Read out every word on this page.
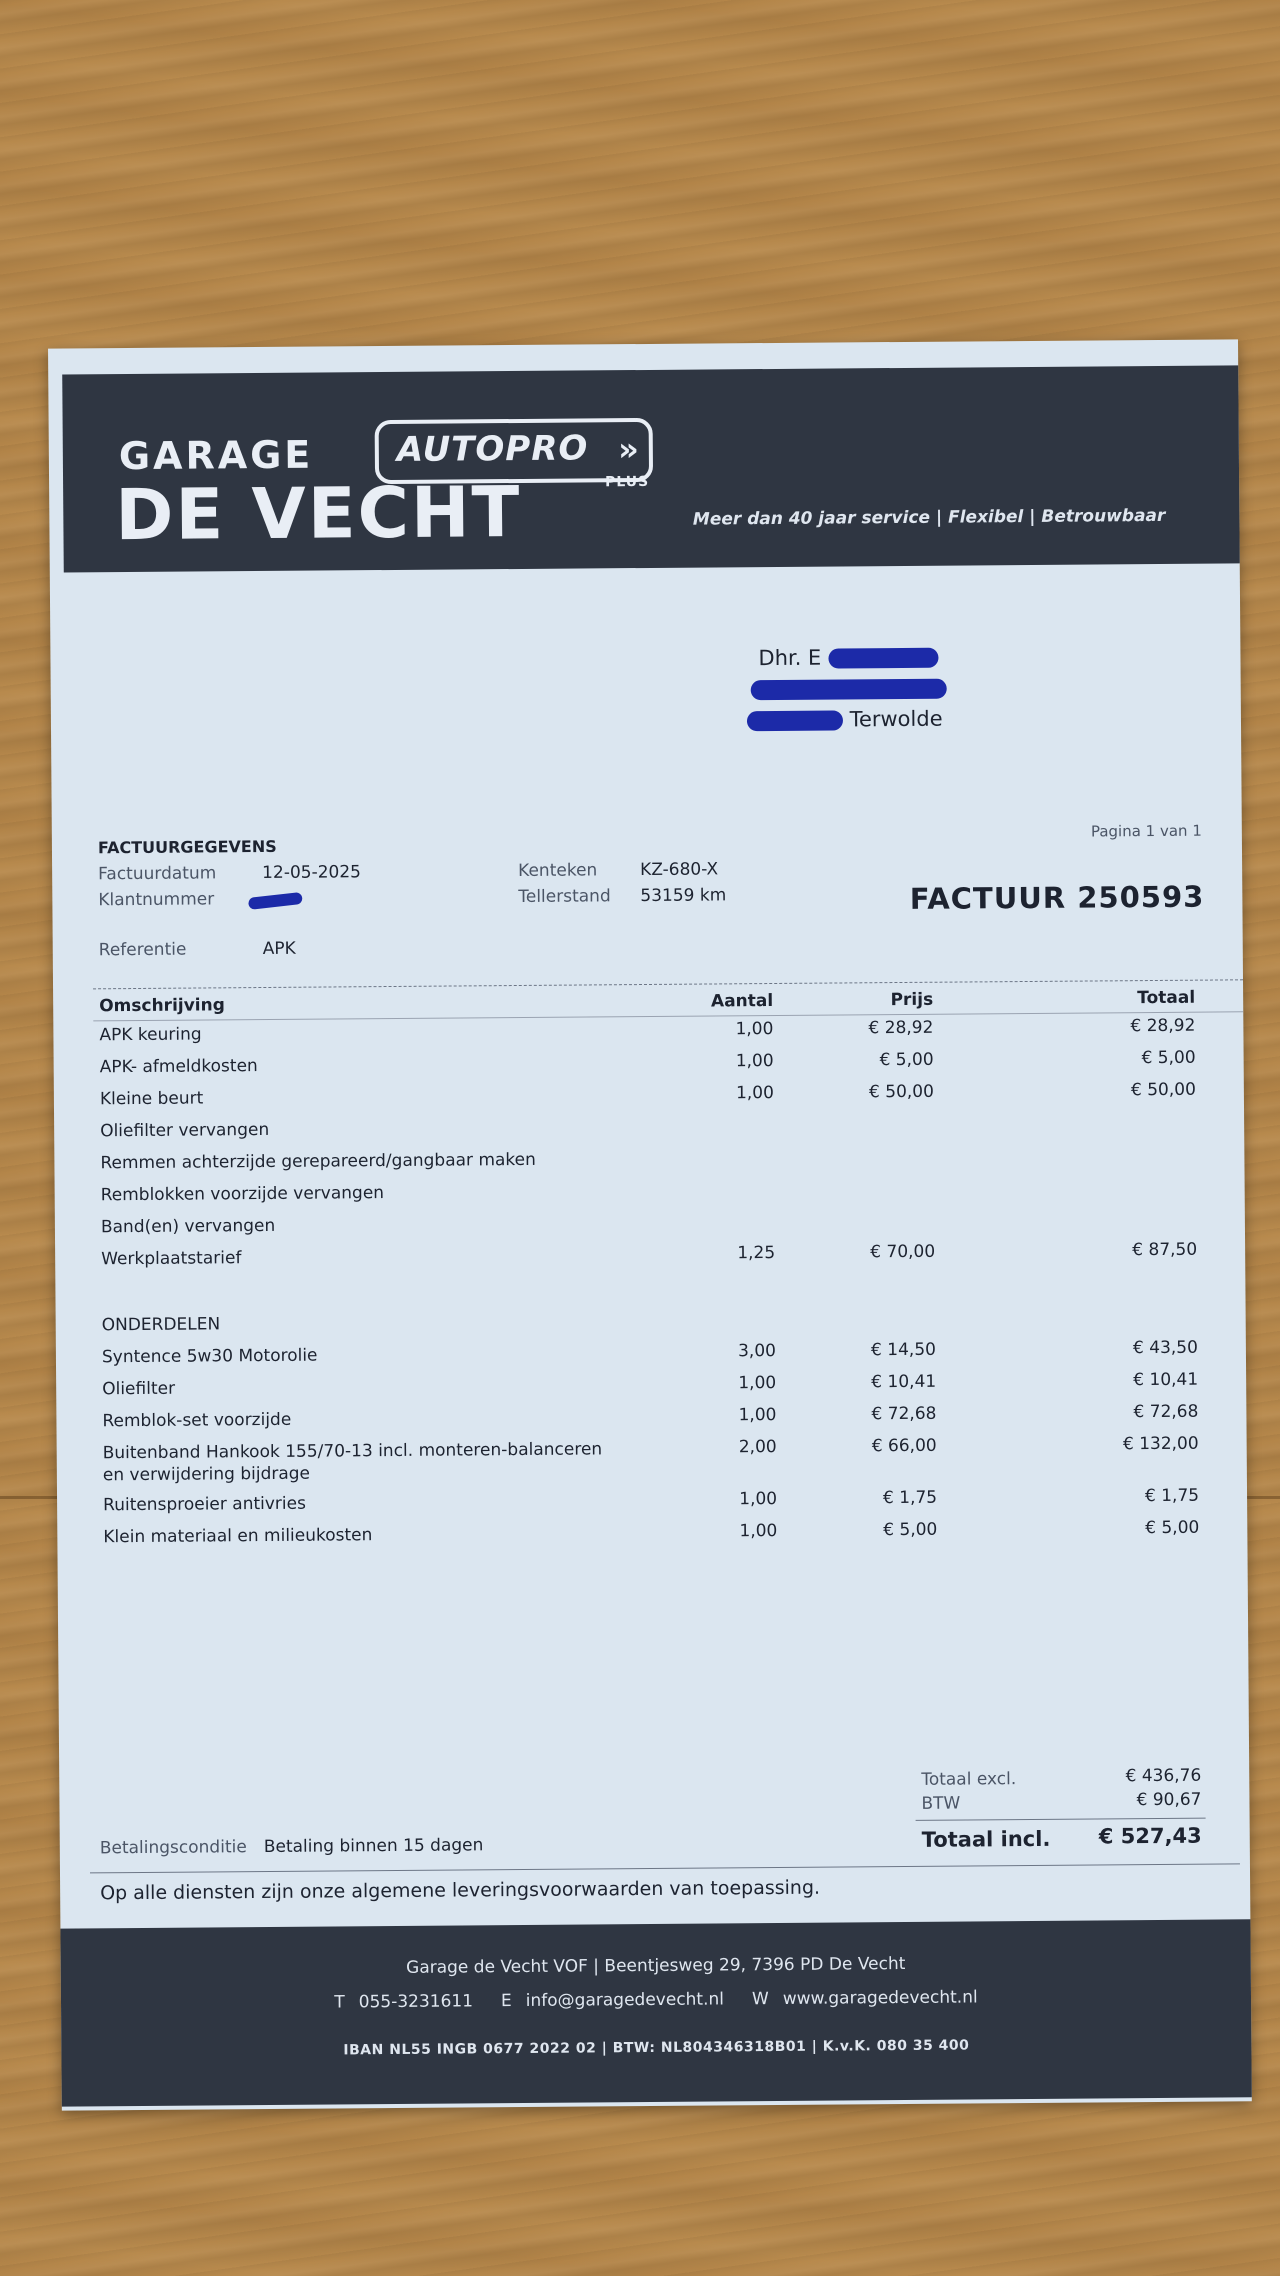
GARAGE
DE VECHT
AUTOPRO »
PLUS
Meer dan 40 jaar service | Flexibel | Betrouwbaar
Dhr. E
Terwolde
Pagina 1 van 1
FACTUUR 250593
FACTUURGEGEVENS
Factuurdatum	12-05-2025
Klantnummer
Kenteken	KZ-680-X
Tellerstand 53159 km
Referentie	APK
Omschrijving	Aantal	Prijs	Totaal
APK keuring	1,00	€ 28,92	€ 28,92
APK- afmeldkosten	1,00	€ 5,00	€ 5,00
Kleine beurt	1,00	€ 50,00	€ 50,00
Oliefilter vervangen
Remmen achterzijde gerepareerd/gangbaar maken
Remblokken voorzijde vervangen
Band(en) vervangen
Werkplaatstarief	1,25	€ 70,00	€ 87,50
ONDERDELEN
Syntence 5w30 Motorolie	3,00	€ 14,50	€ 43,50
Oliefilter	1,00	€ 10,41	€ 10,41
Remblok-set voorzijde	1,00	€ 72,68	€ 72,68
Buitenband Hankook 155/70-13 incl. monteren-balanceren en verwijdering bijdrage
2,00	€ 66,00	€ 132,00
Ruitensproeier antivries	1,00	€ 1,75	€ 1,75
Klein materiaal en milieukosten	1,00	€ 5,00	€ 5,00
Totaal excl.	€ 436,76
BTW	€ 90,67
Totaal incl. € 527,43
Betalingsconditie Betaling binnen 15 dagen
Op alle diensten zijn onze algemene leveringsvoorwaarden van toepassing.
Garage de Vecht VOF | Beentjesweg 29, 7396 PD De Vecht
T 055-3231611 E info@garagedevecht.nl W www.garagedevecht.nl
IBAN NL55 INGB 0677 2022 02 | BTW: NL804346318B01 | K.v.K. 080 35 400
